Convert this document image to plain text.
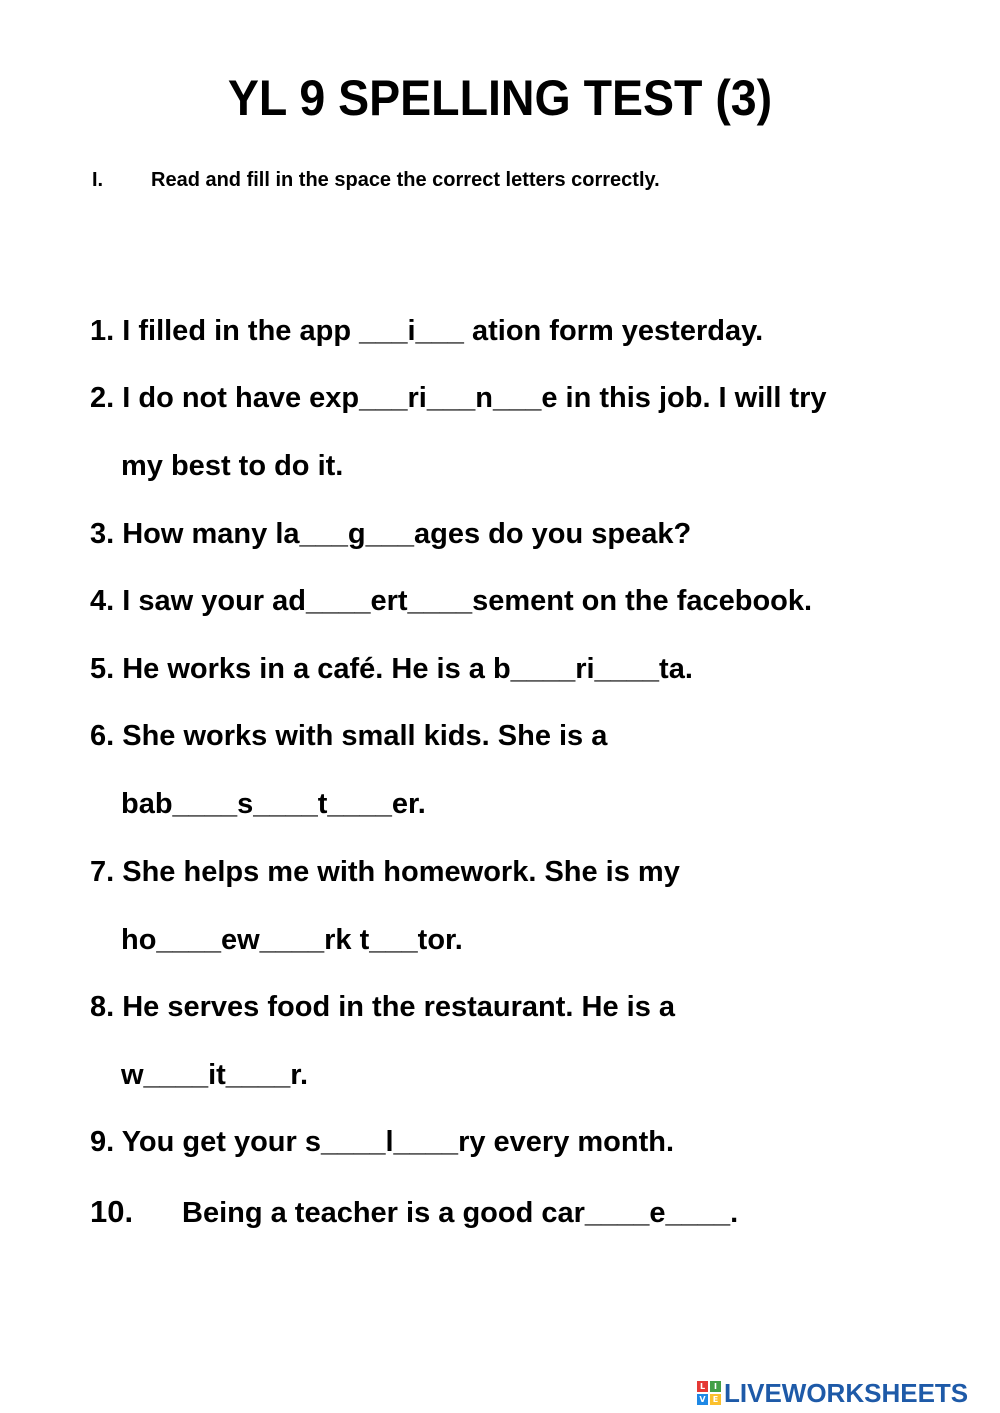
YL 9 SPELLING TEST (3)
I. Read and fill in the space the correct letters correctly.
1. I filled in the app ___i___ ation form yesterday.
2. I do not have exp___ri___n___e in this job. I will try
my best to do it.
3. How many la___g___ages do you speak?
4. I saw your ad____ert____sement on the facebook.
5. He works in a café. He is a b____ri____ta.
6. She works with small kids. She is a
bab____s____t____er.
7. She helps me with homework. She is my
ho____ew____rk t___tor.
8. He serves food in the restaurant. He is a
w____it____r.
9. You get your s____l____ry every month.
10. Being a teacher is a good car____e____.
L	I
V E LIVEWORKSHEETS
